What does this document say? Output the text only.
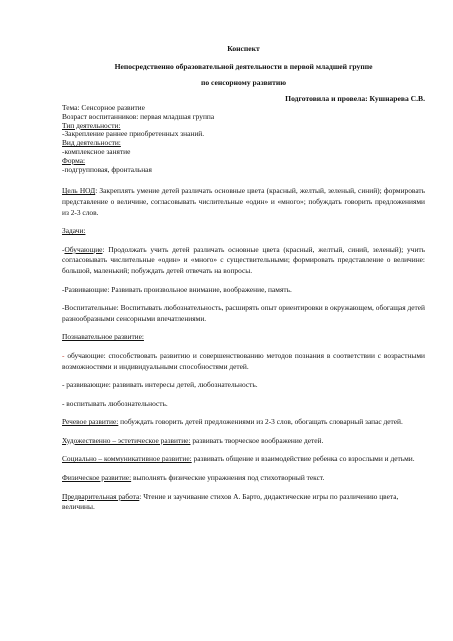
Конспект
Непосредственно образовательной деятельности в первой младшей группе
по сенсорному развитию
Подготовила и провела: Кушнарева С.В.
Тема: Сенсорное развитие
Возраст воспитанников: первая младшая группа
Тип деятельности:
-Закрепление раннее приобретенных знаний.
Вид деятельности:
-комплексное занятие
Форма:
-подгрупповая, фронтальная
Цель НОД: Закреплять умение детей различать основные цвета (красный, желтый, зеленый, синий); формировать представление о величине, согласовывать числительные «один» и «много»; побуждать говорить предложениями из 2-3 слов.
Задачи:
-Обучающие: Продолжать учить детей различать основные цвета (красный, желтый, синий, зеленый); учить согласовывать числительные «один» и «много» с существительными; формировать представление о величине: большой, маленький; побуждать детей отвечать на вопросы.
-Развивающие: Развивать произвольное внимание, воображение, память.
-Воспитательные: Воспитывать любознательность, расширять опыт ориентировки в окружающем, обогащая детей разнообразными сенсорными впечатлениями.
Познавательное развитие:
- обучающие: способствовать развитию и совершенствованию методов познания в соответствии с возрастными возможностями и индивидуальными способностями детей.
- развивающие: развивать интересы детей, любознательность.
- воспитывать любознательность.
Речевое развитие: побуждать говорить детей предложениями из 2-3 слов, обогащать словарный запас детей.
Художественно – эстетическое развитие: развивать творческое воображение детей.
Социально – коммуникативное развитие: развивать общение и взаимодействие ребенка со взрослыми и детьми.
Физическое развитие: выполнять физические упражнения под стихотворный текст.
Предварительная работа: Чтение и заучивание стихов А. Барто, дидактические игры по различению цвета, величины.
